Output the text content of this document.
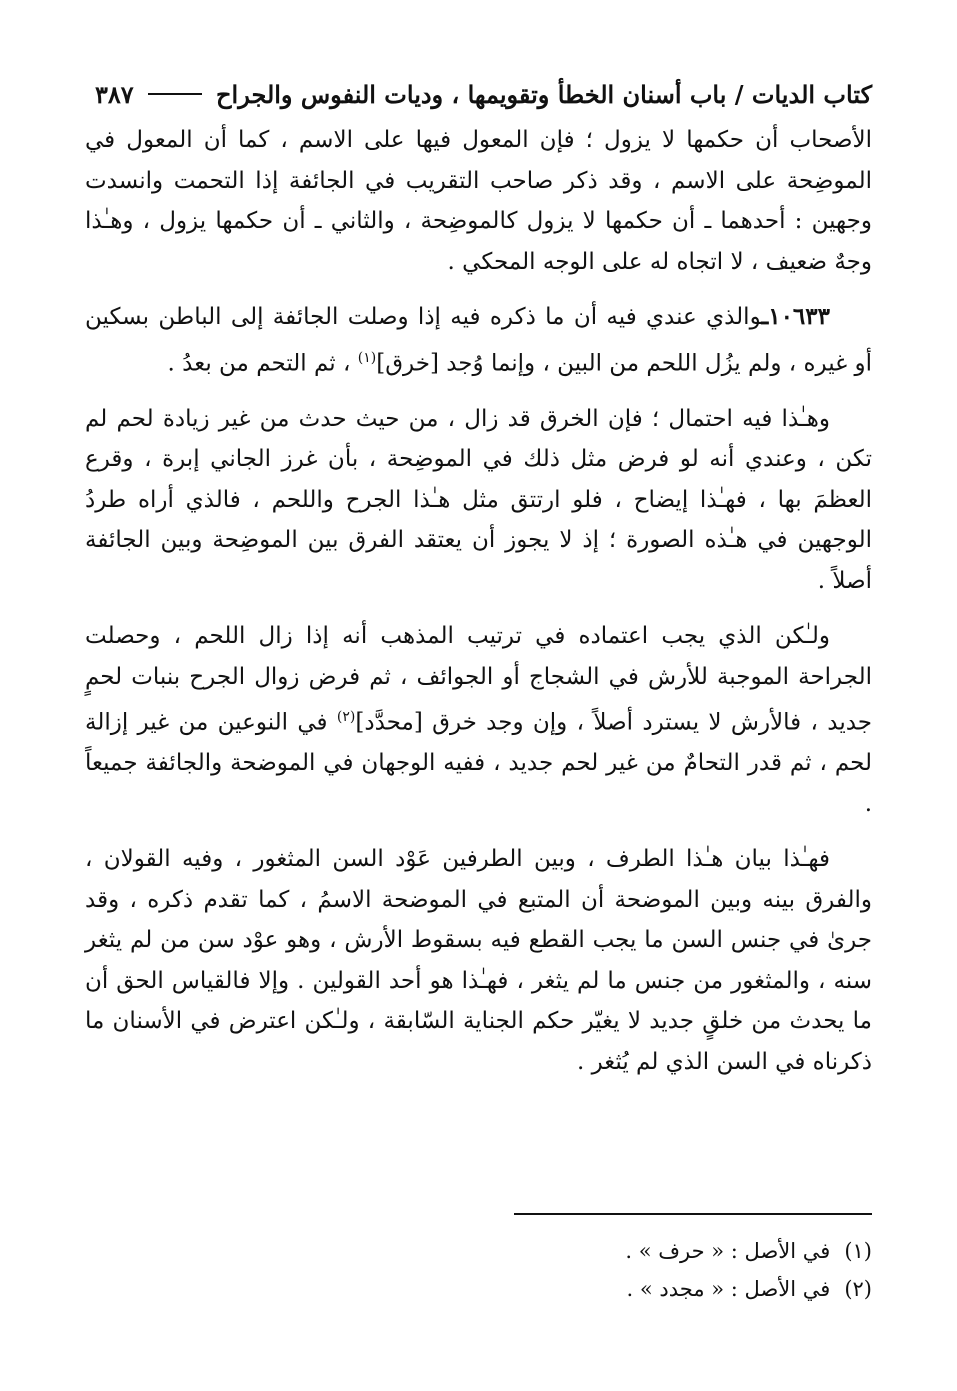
كتاب الديات / باب أسنان الخطأ وتقويمها ، وديات النفوس والجراح
٣٨٧

الأصحاب أن حكمها لا يزول ؛ فإن المعول فيها على الاسم ، كما أن المعول في الموضِحة على الاسم ، وقد ذكر صاحب التقريب في الجائفة إذا التحمت وانسدت وجهين : أحدهما ـ أن حكمها لا يزول كالموضِحة ، والثاني ـ أن حكمها يزول ، وهـٰذا وجهٌ ضعيف ، لا اتجاه له على الوجه المحكي .

١٠٦٣٣ـوالذي عندي فيه أن ما ذكره فيه إذا وصلت الجائفة إلى الباطن بسكين أو غيره ، ولم يزُل اللحم من البين ، وإنما وُجد [خرق]$^{(١)}$ ، ثم التحم من بعدُ .

وهـٰذا فيه احتمال ؛ فإن الخرق قد زال ، من حيث حدث من غير زيادة لحم لم تكن ، وعندي أنه لو فرض مثل ذلك في الموضِحة ، بأن غرز الجاني إبرة ، وقرع العظمَ بها ، فهـٰذا إيضاح ، فلو ارتتق مثل هـٰذا الجرح واللحم ، فالذي أراه طردُ الوجهين في هـٰذه الصورة ؛ إذ لا يجوز أن يعتقد الفرق بين الموضِحة وبين الجائفة أصلاً .

ولـٰكن الذي يجب اعتماده في ترتيب المذهب أنه إذا زال اللحم ، وحصلت الجراحة الموجبة للأرش في الشجاج أو الجوائف ، ثم فرض زوال الجرح بنبات لحمٍ جديد ، فالأرش لا يسترد أصلاً ، وإن وجد خرق [محدَّد]$^{(٢)}$ في النوعين من غير إزالة لحم ، ثم قدر التحامٌ من غير لحم جديد ، ففيه الوجهان في الموضحة والجائفة جميعاً .

فهـٰذا بيان هـٰذا الطرف ، وبين الطرفين عَوْد السن المثغور ، وفيه القولان ، والفرق بينه وبين الموضحة أن المتبع في الموضحة الاسمُ ، كما تقدم ذكره ، وقد جرىٰ في جنس السن ما يجب القطع فيه بسقوط الأرش ، وهو عوْد سن من لم يثغر سنه ، والمثغور من جنس ما لم يثغر ، فهـٰذا هو أحد القولين . وإلا فالقياس الحق أن ما يحدث من خلقٍ جديد لا يغيّر حكم الجناية السّابقة ، ولـٰكن اعترض في الأسنان ما ذكرناه في السن الذي لم يُثغر .

(١)
في الأصل : « حرف » .
(٢)
في الأصل : « مجدد » .
